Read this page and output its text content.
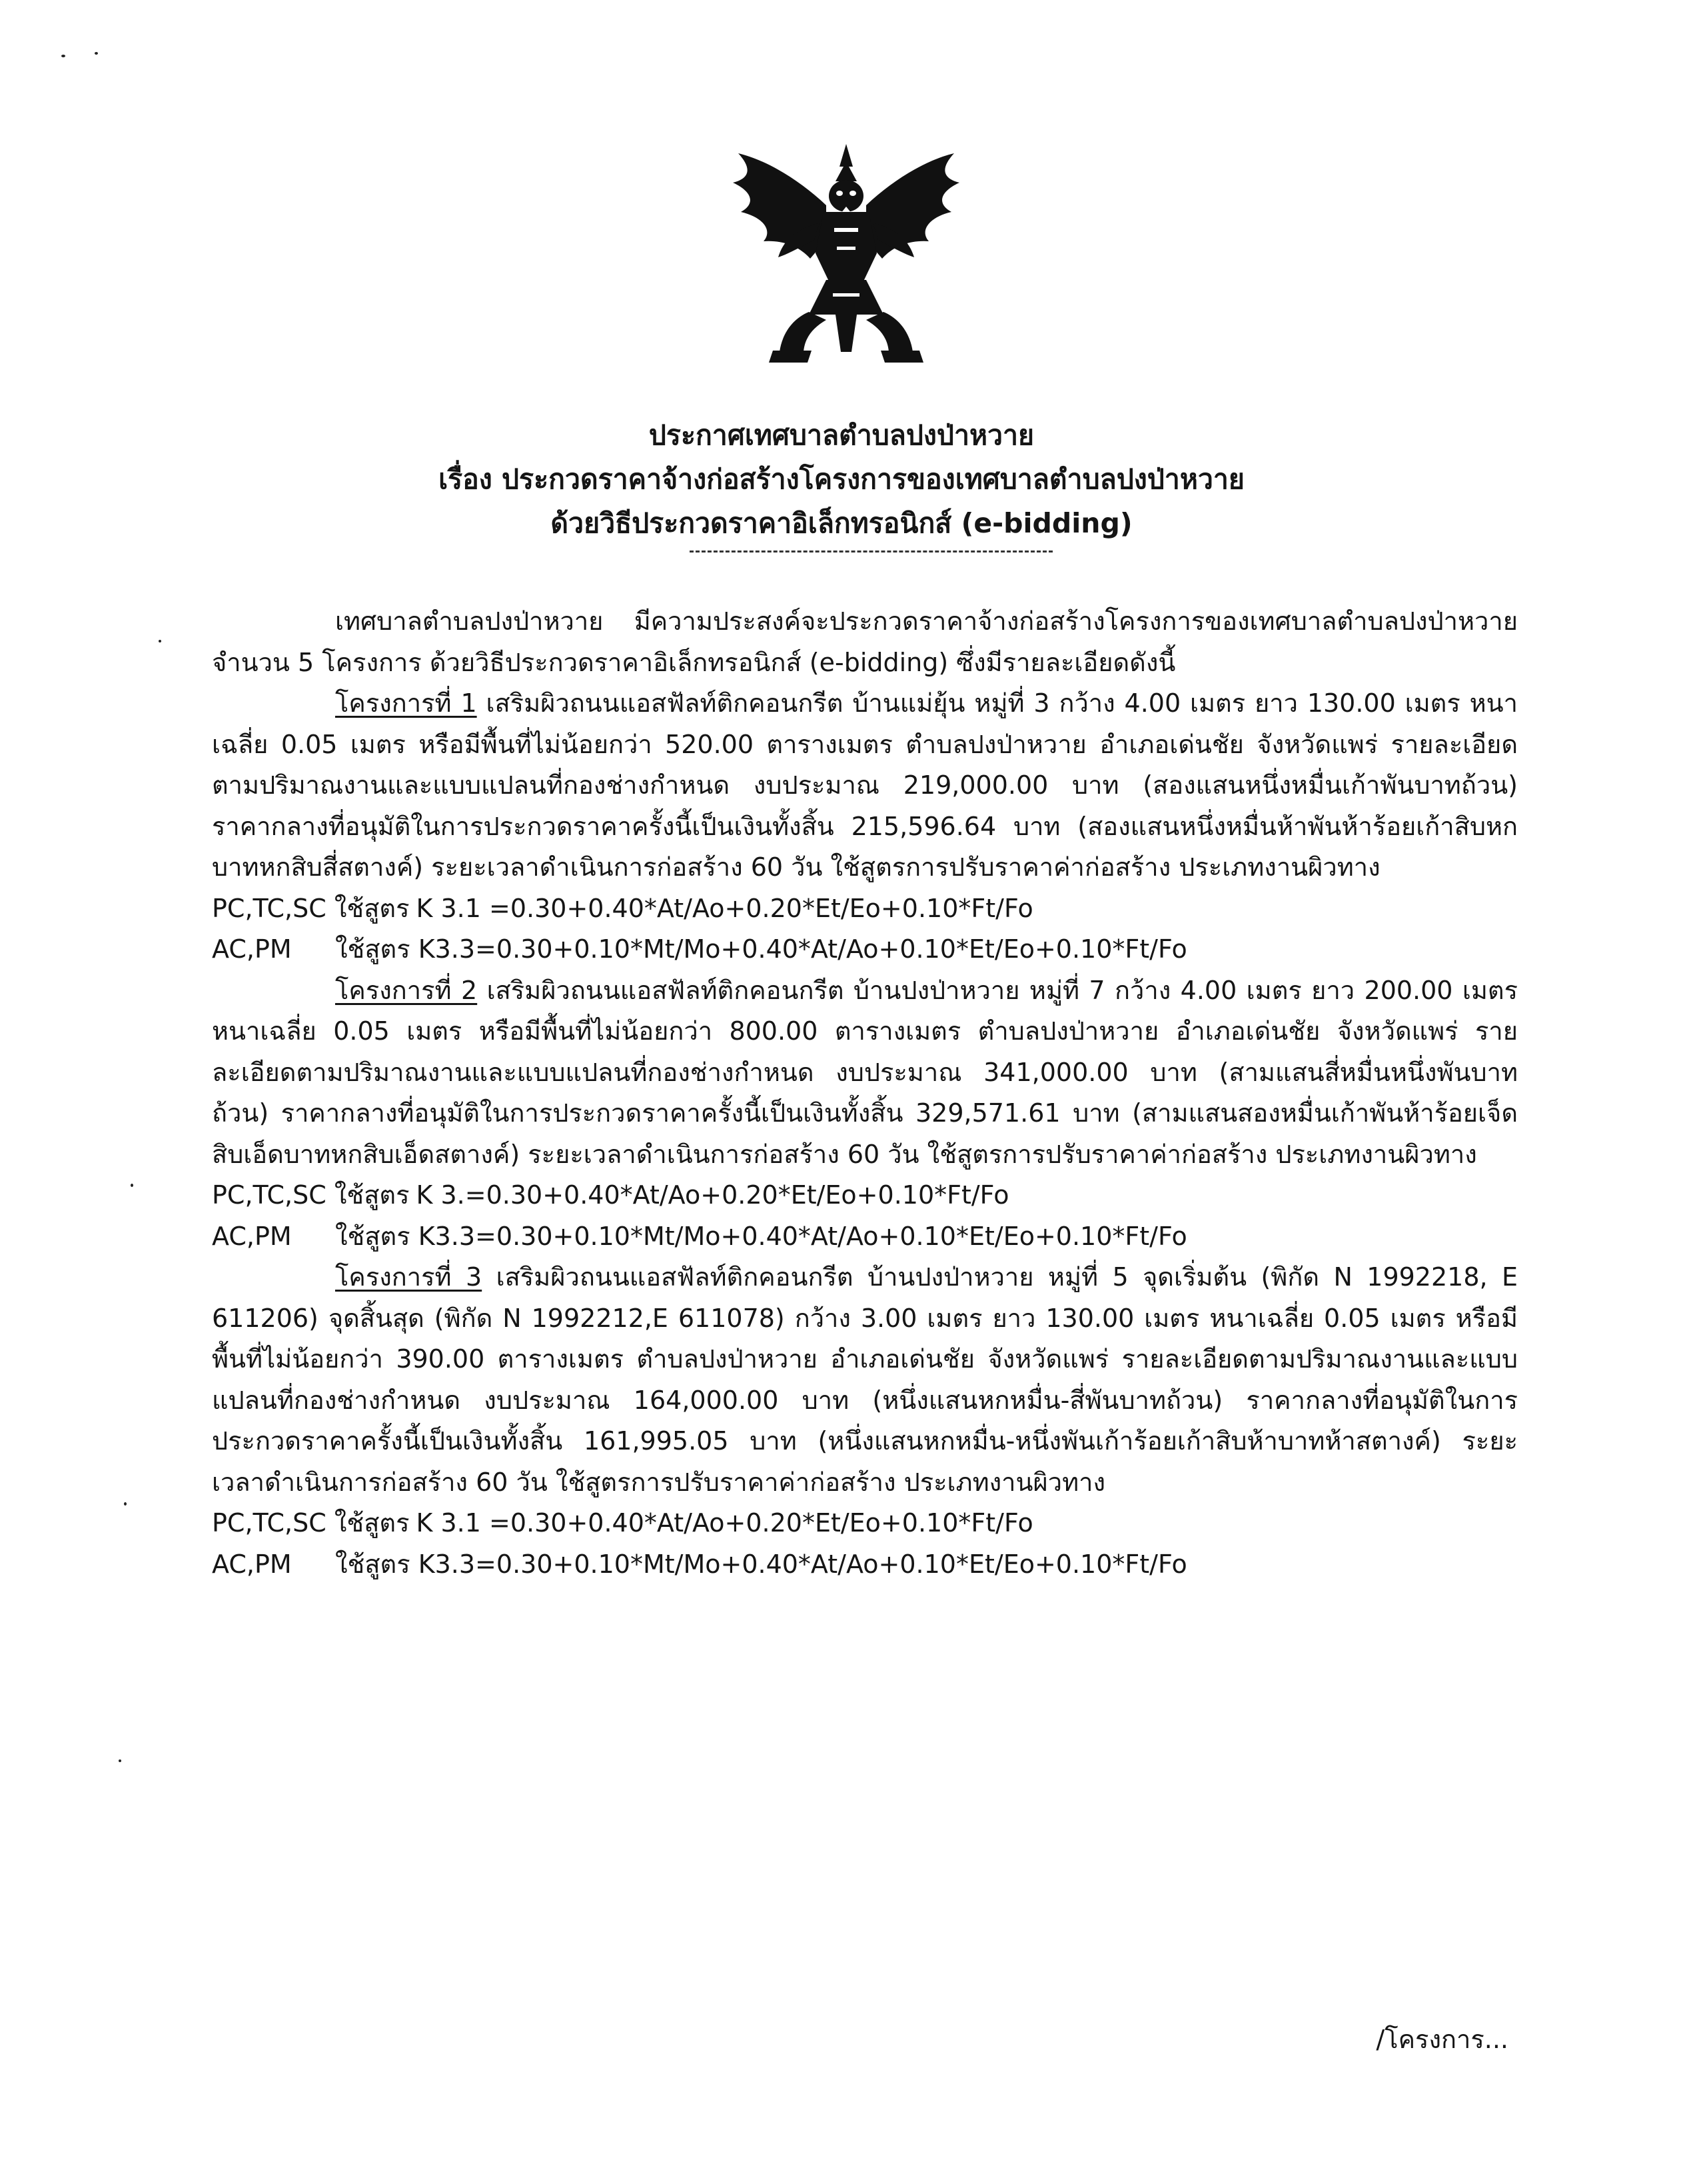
ประกาศเทศบาลตำบลปงป่าหวาย
เรื่อง ประกวดราคาจ้างก่อสร้างโครงการของเทศบาลตำบลปงป่าหวาย
ด้วยวิธีประกวดราคาอิเล็กทรอนิกส์ (e-bidding)

เทศบาลตำบลปงป่าหวาย มีความประสงค์จะประกวดราคาจ้างก่อสร้างโครงการของเทศบาลตำบลปงป่าหวาย จำนวน 5 โครงการ ด้วยวิธีประกวดราคาอิเล็กทรอนิกส์ (e-bidding) ซึ่งมีรายละเอียดดังนี้

โครงการที่ 1 เสริมผิวถนนแอสฟัลท์ติกคอนกรีต บ้านแม่ยุ้น หมู่ที่ 3 กว้าง 4.00 เมตร ยาว 130.00 เมตร หนาเฉลี่ย 0.05 เมตร หรือมีพื้นที่ไม่น้อยกว่า 520.00 ตารางเมตร ตำบลปงป่าหวาย อำเภอเด่นชัย จังหวัดแพร่ รายละเอียดตามปริมาณงานและแบบแปลนที่กองช่างกำหนด งบประมาณ 219,000.00 บาท (สองแสนหนึ่งหมื่นเก้าพันบาทถ้วน) ราคากลางที่อนุมัติในการประกวดราคาครั้งนี้เป็นเงินทั้งสิ้น 215,596.64 บาท (สองแสนหนึ่งหมื่นห้าพันห้าร้อยเก้าสิบหกบาทหกสิบสี่สตางค์) ระยะเวลาดำเนินการก่อสร้าง 60 วัน ใช้สูตรการปรับราคาค่าก่อสร้าง ประเภทงานผิวทาง

PC,TC,SC ใช้สูตร K 3.1 =0.30+0.40*At/Ao+0.20*Et/Eo+0.10*Ft/Fo

AC,PM ใช้สูตร K3.3=0.30+0.10*Mt/Mo+0.40*At/Ao+0.10*Et/Eo+0.10*Ft/Fo

โครงการที่ 2 เสริมผิวถนนแอสฟัลท์ติกคอนกรีต บ้านปงป่าหวาย หมู่ที่ 7 กว้าง 4.00 เมตร ยาว 200.00 เมตร หนาเฉลี่ย 0.05 เมตร หรือมีพื้นที่ไม่น้อยกว่า 800.00 ตารางเมตร ตำบลปงป่าหวาย อำเภอเด่นชัย จังหวัดแพร่ รายละเอียดตามปริมาณงานและแบบแปลนที่กองช่างกำหนด งบประมาณ 341,000.00 บาท (สามแสนสี่หมื่นหนึ่งพันบาทถ้วน) ราคากลางที่อนุมัติในการประกวดราคาครั้งนี้เป็นเงินทั้งสิ้น 329,571.61 บาท (สามแสนสองหมื่นเก้าพันห้าร้อยเจ็ดสิบเอ็ดบาทหกสิบเอ็ดสตางค์) ระยะเวลาดำเนินการก่อสร้าง 60 วัน ใช้สูตรการปรับราคาค่าก่อสร้าง ประเภทงานผิวทาง

PC,TC,SC ใช้สูตร K 3.=0.30+0.40*At/Ao+0.20*Et/Eo+0.10*Ft/Fo

AC,PM ใช้สูตร K3.3=0.30+0.10*Mt/Mo+0.40*At/Ao+0.10*Et/Eo+0.10*Ft/Fo

โครงการที่ 3 เสริมผิวถนนแอสฟัลท์ติกคอนกรีต บ้านปงป่าหวาย หมู่ที่ 5 จุดเริ่มต้น (พิกัด N 1992218, E 611206) จุดสิ้นสุด (พิกัด N 1992212,E 611078) กว้าง 3.00 เมตร ยาว 130.00 เมตร หนาเฉลี่ย 0.05 เมตร หรือมีพื้นที่ไม่น้อยกว่า 390.00 ตารางเมตร ตำบลปงป่าหวาย อำเภอเด่นชัย จังหวัดแพร่ รายละเอียดตามปริมาณงานและแบบแปลนที่กองช่างกำหนด งบประมาณ 164,000.00 บาท (หนึ่งแสนหกหมื่น-สี่พันบาทถ้วน) ราคากลางที่อนุมัติในการประกวดราคาครั้งนี้เป็นเงินทั้งสิ้น 161,995.05 บาท (หนึ่งแสนหกหมื่น-หนึ่งพันเก้าร้อยเก้าสิบห้าบาทห้าสตางค์) ระยะเวลาดำเนินการก่อสร้าง 60 วัน ใช้สูตรการปรับราคาค่าก่อสร้าง ประเภทงานผิวทาง

PC,TC,SC ใช้สูตร K 3.1 =0.30+0.40*At/Ao+0.20*Et/Eo+0.10*Ft/Fo

AC,PM ใช้สูตร K3.3=0.30+0.10*Mt/Mo+0.40*At/Ao+0.10*Et/Eo+0.10*Ft/Fo

/โครงการ...
